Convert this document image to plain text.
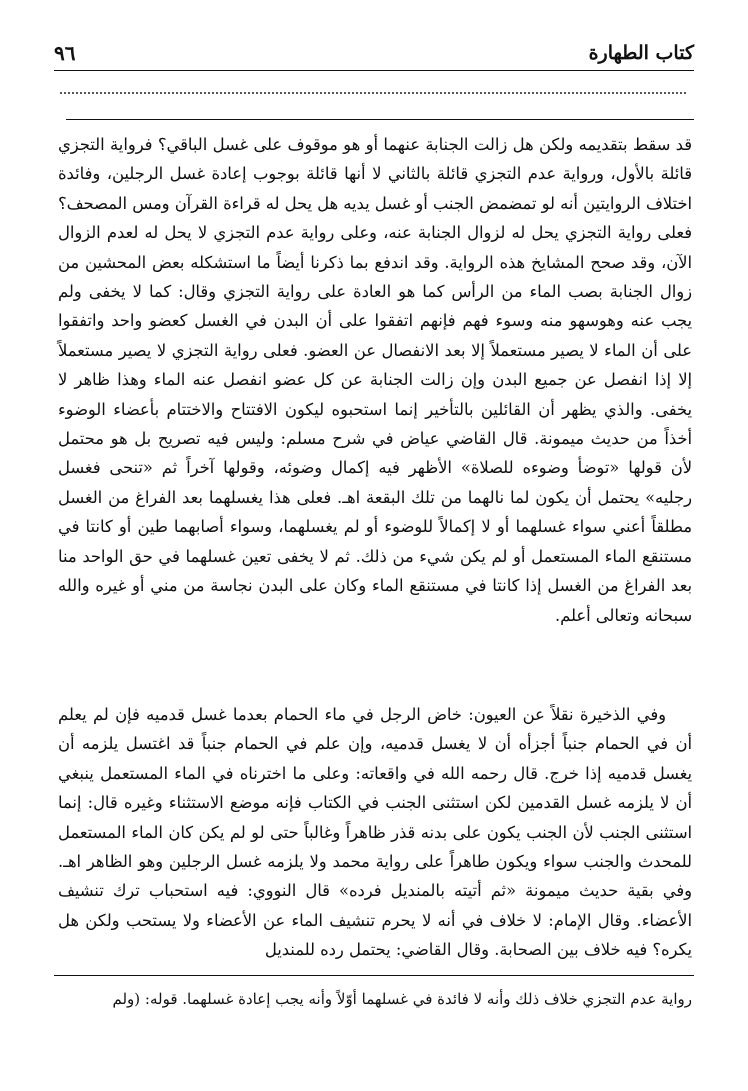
كتاب الطهارة
٩٦

قد سقط بتقديمه ولكن هل زالت الجنابة عنهما أو هو موقوف على غسل الباقي؟ فرواية التجزي قائلة بالأول، ورواية عدم التجزي قائلة بالثاني لا أنها قائلة بوجوب إعادة غسل الرجلين، وفائدة اختلاف الروايتين أنه لو تمضمض الجنب أو غسل يديه هل يحل له قراءة القرآن ومس المصحف؟ فعلى رواية التجزي يحل له لزوال الجنابة عنه، وعلى رواية عدم التجزي لا يحل له لعدم الزوال الآن، وقد صحح المشايخ هذه الرواية. وقد اندفع بما ذكرنا أيضاً ما استشكله بعض المحشين من زوال الجنابة بصب الماء من الرأس كما هو العادة على رواية التجزي وقال: كما لا يخفى ولم يجب عنه وهوسهو منه وسوء فهم فإنهم اتفقوا على أن البدن في الغسل كعضو واحد واتفقوا على أن الماء لا يصير مستعملاً إلا بعد الانفصال عن العضو. فعلى رواية التجزي لا يصير مستعملاً إلا إذا انفصل عن جميع البدن وإن زالت الجنابة عن كل عضو انفصل عنه الماء وهذا ظاهر لا يخفى. والذي يظهر أن القائلين بالتأخير إنما استحبوه ليكون الافتتاح والاختتام بأعضاء الوضوء أخذاً من حديث ميمونة. قال القاضي عياض في شرح مسلم: وليس فيه تصريح بل هو محتمل لأن قولها «توضأ وضوءه للصلاة» الأظهر فيه إكمال وضوئه، وقولها آخراً ثم «تنحى فغسل رجليه» يحتمل أن يكون لما نالهما من تلك البقعة اهـ. فعلى هذا يغسلهما بعد الفراغ من الغسل مطلقاً أعني سواء غسلهما أو لا إكمالاً للوضوء أو لم يغسلهما، وسواء أصابهما طين أو كانتا في مستنقع الماء المستعمل أو لم يكن شيء من ذلك. ثم لا يخفى تعين غسلهما في حق الواحد منا بعد الفراغ من الغسل إذا كانتا في مستنقع الماء وكان على البدن نجاسة من مني أو غيره والله سبحانه وتعالى أعلم.

وفي الذخيرة نقلاً عن العيون: خاض الرجل في ماء الحمام بعدما غسل قدميه فإن لم يعلم أن في الحمام جنباً أجزأه أن لا يغسل قدميه، وإن علم في الحمام جنباً قد اغتسل يلزمه أن يغسل قدميه إذا خرج. قال رحمه الله في واقعاته: وعلى ما اخترناه في الماء المستعمل ينبغي أن لا يلزمه غسل القدمين لكن استثنى الجنب في الكتاب فإنه موضع الاستثناء وغيره قال: إنما استثنى الجنب لأن الجنب يكون على بدنه قذر ظاهراً وغالباً حتى لو لم يكن كان الماء المستعمل للمحدث والجنب سواء ويكون طاهراً على رواية محمد ولا يلزمه غسل الرجلين وهو الظاهر اهـ. وفي بقية حديث ميمونة «ثم أتيته بالمنديل فرده» قال النووي: فيه استحباب ترك تنشيف الأعضاء. وقال الإمام: لا خلاف في أنه لا يحرم تنشيف الماء عن الأعضاء ولا يستحب ولكن هل يكره؟ فيه خلاف بين الصحابة. وقال القاضي: يحتمل رده للمنديل

رواية عدم التجزي خلاف ذلك وأنه لا فائدة في غسلهما أوّلاً وأنه يجب إعادة غسلهما. قوله: (ولم
